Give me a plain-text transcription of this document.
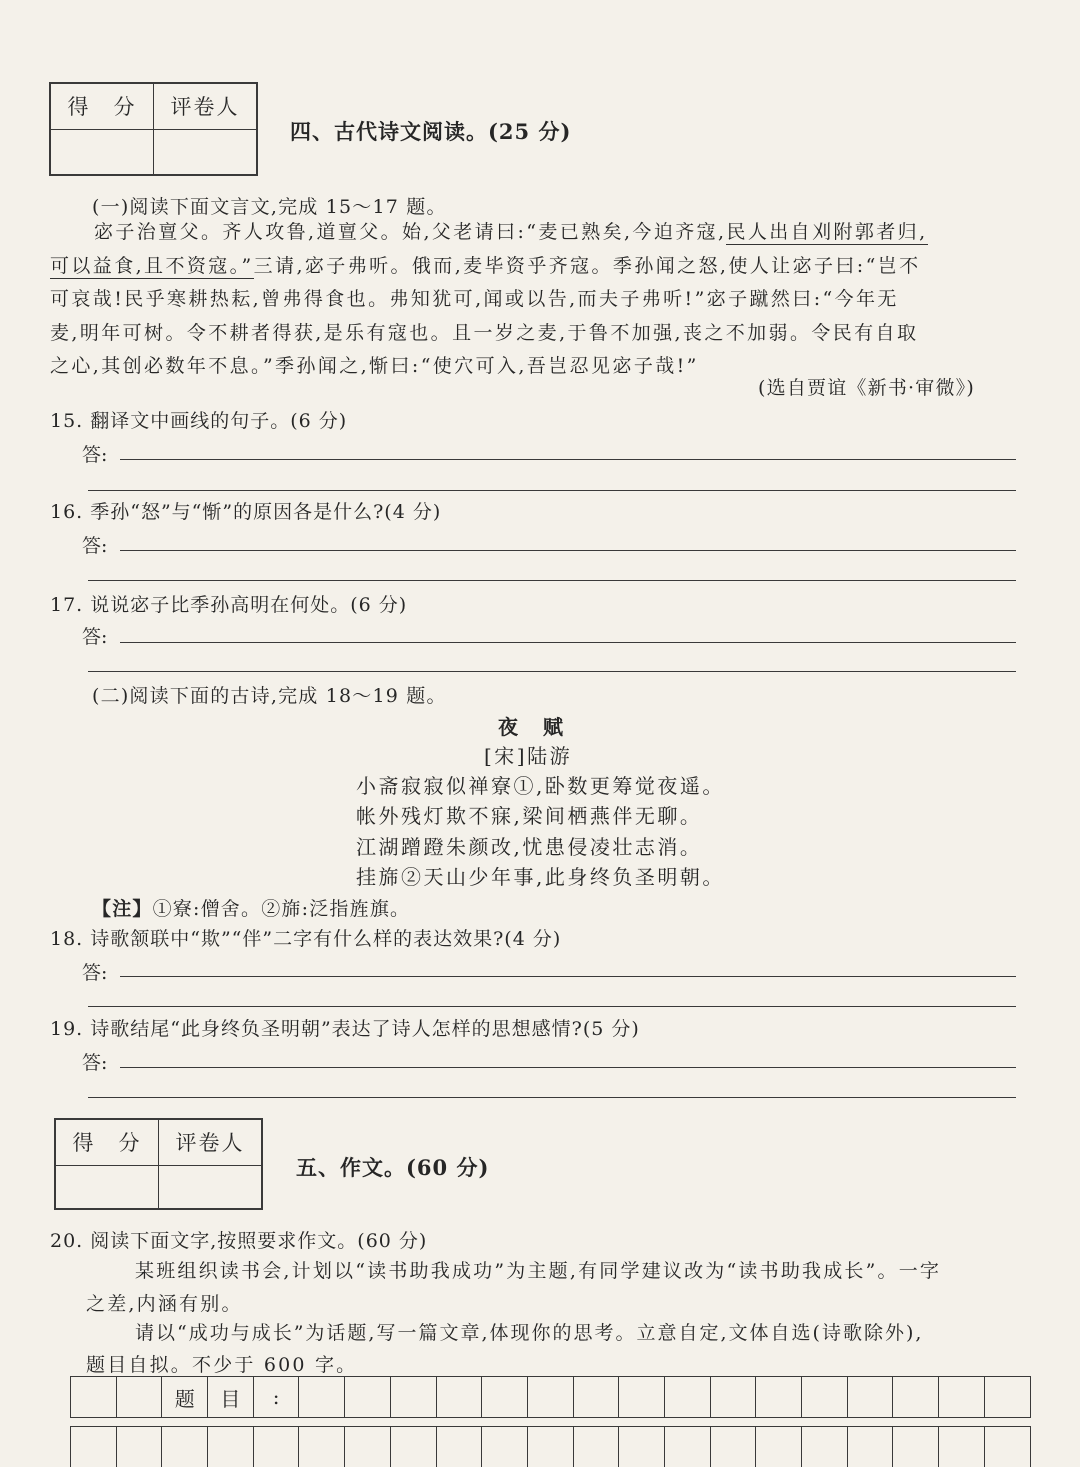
得　分	评卷人

四、古代诗文阅读。(25 分)
(一)阅读下面文言文,完成 15～17 题。
宓子治亶父。齐人攻鲁,道亶父。始,父老请曰:“麦已熟矣,今迫齐寇,民人出自刈附郭者归,
可以益食,且不资寇。”三请,宓子弗听。俄而,麦毕资乎齐寇。季孙闻之怒,使人让宓子曰:“岂不
可哀哉!民乎寒耕热耘,曾弗得食也。弗知犹可,闻或以告,而夫子弗听!”宓子蹴然曰:“今年无
麦,明年可树。令不耕者得获,是乐有寇也。且一岁之麦,于鲁不加强,丧之不加弱。令民有自取
之心,其创必数年不息。”季孙闻之,惭曰:“使穴可入,吾岂忍见宓子哉!”
(选自贾谊《新书·审微》)
15. 翻译文中画线的句子。(6 分)
答:
16. 季孙“怒”与“惭”的原因各是什么?(4 分)
答:
17. 说说宓子比季孙高明在何处。(6 分)
答:
(二)阅读下面的古诗,完成 18～19 题。
夜　赋
[宋]陆游
小斋寂寂似禅寮①,卧数更筹觉夜遥。
帐外残灯欺不寐,梁间栖燕伴无聊。
江湖蹭蹬朱颜改,忧患侵凌壮志消。
挂旆②天山少年事,此身终负圣明朝。
【注】①寮:僧舍。②旆:泛指旌旗。
18. 诗歌颔联中“欺”“伴”二字有什么样的表达效果?(4 分)
答:
19. 诗歌结尾“此身终负圣明朝”表达了诗人怎样的思想感情?(5 分)
答:
得　分	评卷人

五、作文。(60 分)
20. 阅读下面文字,按照要求作文。(60 分)
某班组织读书会,计划以“读书助我成功”为主题,有同学建议改为“读书助我成长”。一字
之差,内涵有别。
请以“成功与成长”为话题,写一篇文章,体现你的思考。立意自定,文体自选(诗歌除外),
题目自拟。不少于 600 字。
题	目	:
